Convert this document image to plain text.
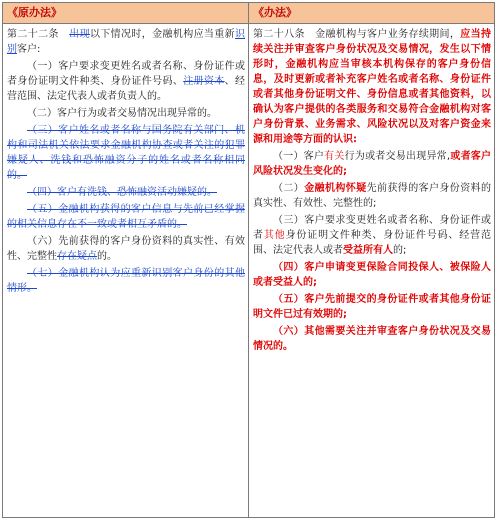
《原办法》	《办法》

第二十二条　 出现以下情况时，金融机构应当重新识别客户:

（一）客户要求变更姓名或者名称、身份证件或者身份证明文件种类、身份证件号码、注册资本、经营范围、法定代表人或者负责人的。

（二）客户行为或者交易情况出现异常的。

（三）客户姓名或者名称与国务院有关部门、机构和司法机关依法要求金融机构协查或者关注的犯罪嫌疑人、洗钱和恐怖融资分子的姓名或者名称相同的。

（四）客户有洗钱、恐怖融资活动嫌疑的。

（五）金融机构获得的客户信息与先前已经掌握的相关信息存在不一致或者相互矛盾的。

（六）先前获得的客户身份资料的真实性、有效性、完整性存在疑点的。

（七）金融机构认为应重新识别客户身份的其他情形。

第二十八条　金融机构与客户业务存续期间，应当持续关注并审查客户身份状况及交易情况，发生以下情形时，金融机构应当审核本机构保存的客户身份信息，及时更新或者补充客户姓名或者名称、身份证件或者其他身份证明文件、身份信息或者其他资料，以确认为客户提供的各类服务和交易符合金融机构对客户身份背景、业务需求、风险状况以及对客户资金来源和用途等方面的认识:

（一）客户有关行为或者交易出现异常,或者客户风险状况发生变化的;

（二）金融机构怀疑先前获得的客户身份资料的真实性、有效性、完整性的;

（三）客户要求变更姓名或者名称、身份证件或者其他身份证明文件种类、身份证件号码、经营范围、法定代表人或者受益所有人的;

（四）客户申请变更保险合同投保人、被保险人或者受益人的;

（五）客户先前提交的身份证件或者其他身份证明文件已过有效期的;

（六）其他需要关注并审查客户身份状况及交易情况的。
